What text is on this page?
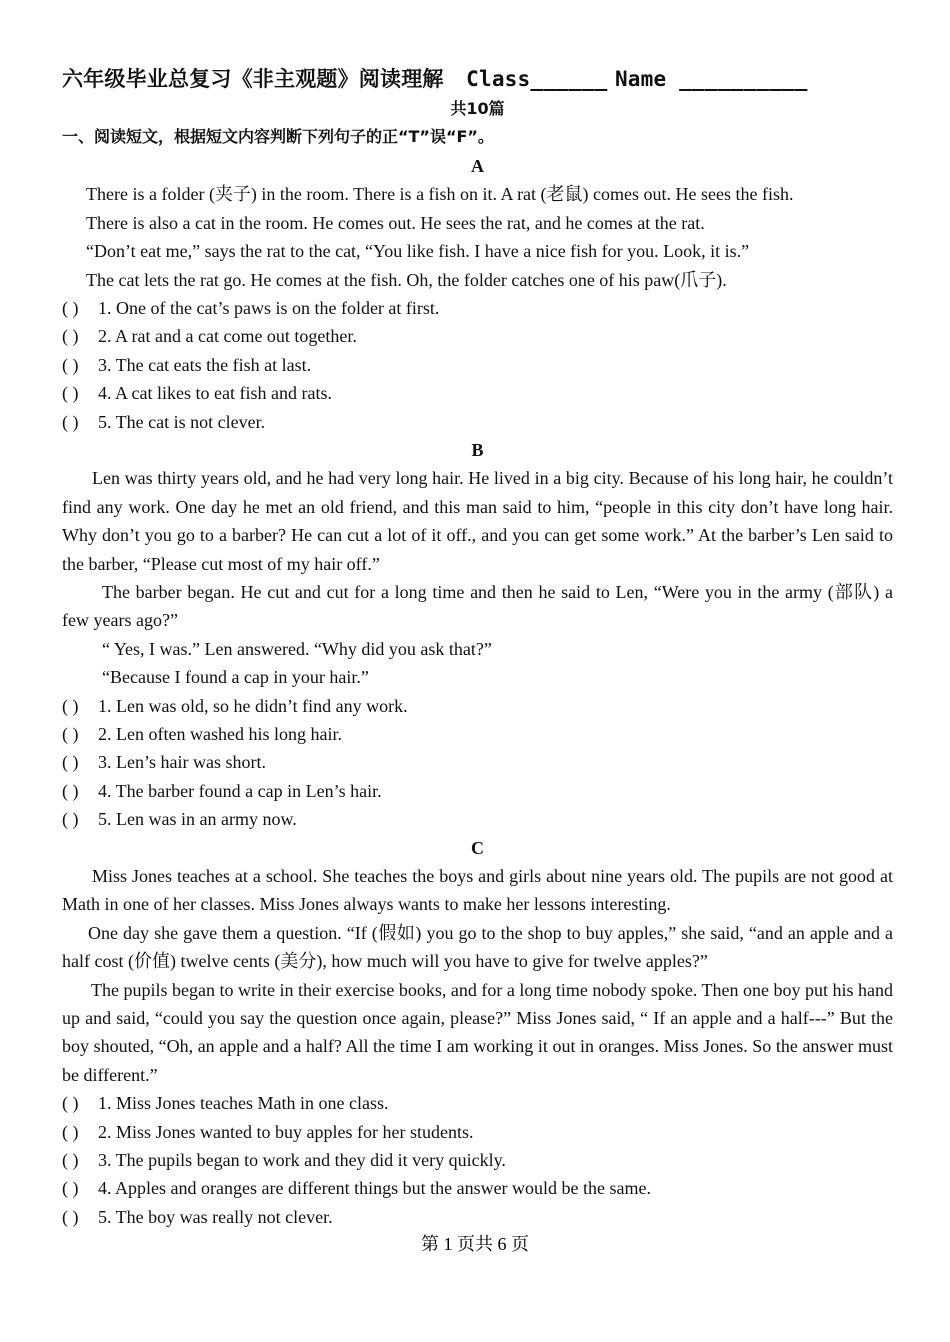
六年级毕业总复习《非主观题》阅读理解 Class______ Name __________
共10篇
一、阅读短文，根据短文内容判断下列句子的正“T”误“F”。
A
There is a folder (夹子) in the room. There is a fish on it. A rat (老鼠) comes out. He sees the fish.
There is also a cat in the room. He comes out. He sees the rat, and he comes at the rat.
“Don’t eat me,” says the rat to the cat, “You like fish. I have a nice fish for you. Look, it is.”
The cat lets the rat go. He comes at the fish. Oh, the folder catches one of his paw(爪子).
( ) 1. One of the cat’s paws is on the folder at first.
( ) 2. A rat and a cat come out together.
( ) 3. The cat eats the fish at last.
( ) 4. A cat likes to eat fish and rats.
( ) 5. The cat is not clever.
B
Len was thirty years old, and he had very long hair. He lived in a big city. Because of his long hair, he couldn’t find any work. One day he met an old friend, and this man said to him, “people in this city don’t have long hair. Why don’t you go to a barber? He can cut a lot of it off., and you can get some work.” At the barber’s Len said to the barber, “Please cut most of my hair off.”
The barber began. He cut and cut for a long time and then he said to Len, “Were you in the army (部队) a few years ago?”
“ Yes, I was.” Len answered. “Why did you ask that?”
“Because I found a cap in your hair.”
( ) 1. Len was old, so he didn’t find any work.
( ) 2. Len often washed his long hair.
( ) 3. Len’s hair was short.
( ) 4. The barber found a cap in Len’s hair.
( ) 5. Len was in an army now.
C
Miss Jones teaches at a school. She teaches the boys and girls about nine years old. The pupils are not good at Math in one of her classes. Miss Jones always wants to make her lessons interesting.
One day she gave them a question. “If (假如) you go to the shop to buy apples,” she said, “and an apple and a half cost (价值) twelve cents (美分), how much will you have to give for twelve apples?”
The pupils began to write in their exercise books, and for a long time nobody spoke. Then one boy put his hand up and said, “could you say the question once again, please?” Miss Jones said, “ If an apple and a half---” But the boy shouted, “Oh, an apple and a half? All the time I am working it out in oranges. Miss Jones. So the answer must be different.”
( ) 1. Miss Jones teaches Math in one class.
( ) 2. Miss Jones wanted to buy apples for her students.
( ) 3. The pupils began to work and they did it very quickly.
( ) 4. Apples and oranges are different things but the answer would be the same.
( ) 5. The boy was really not clever.
第 1 页共 6 页
